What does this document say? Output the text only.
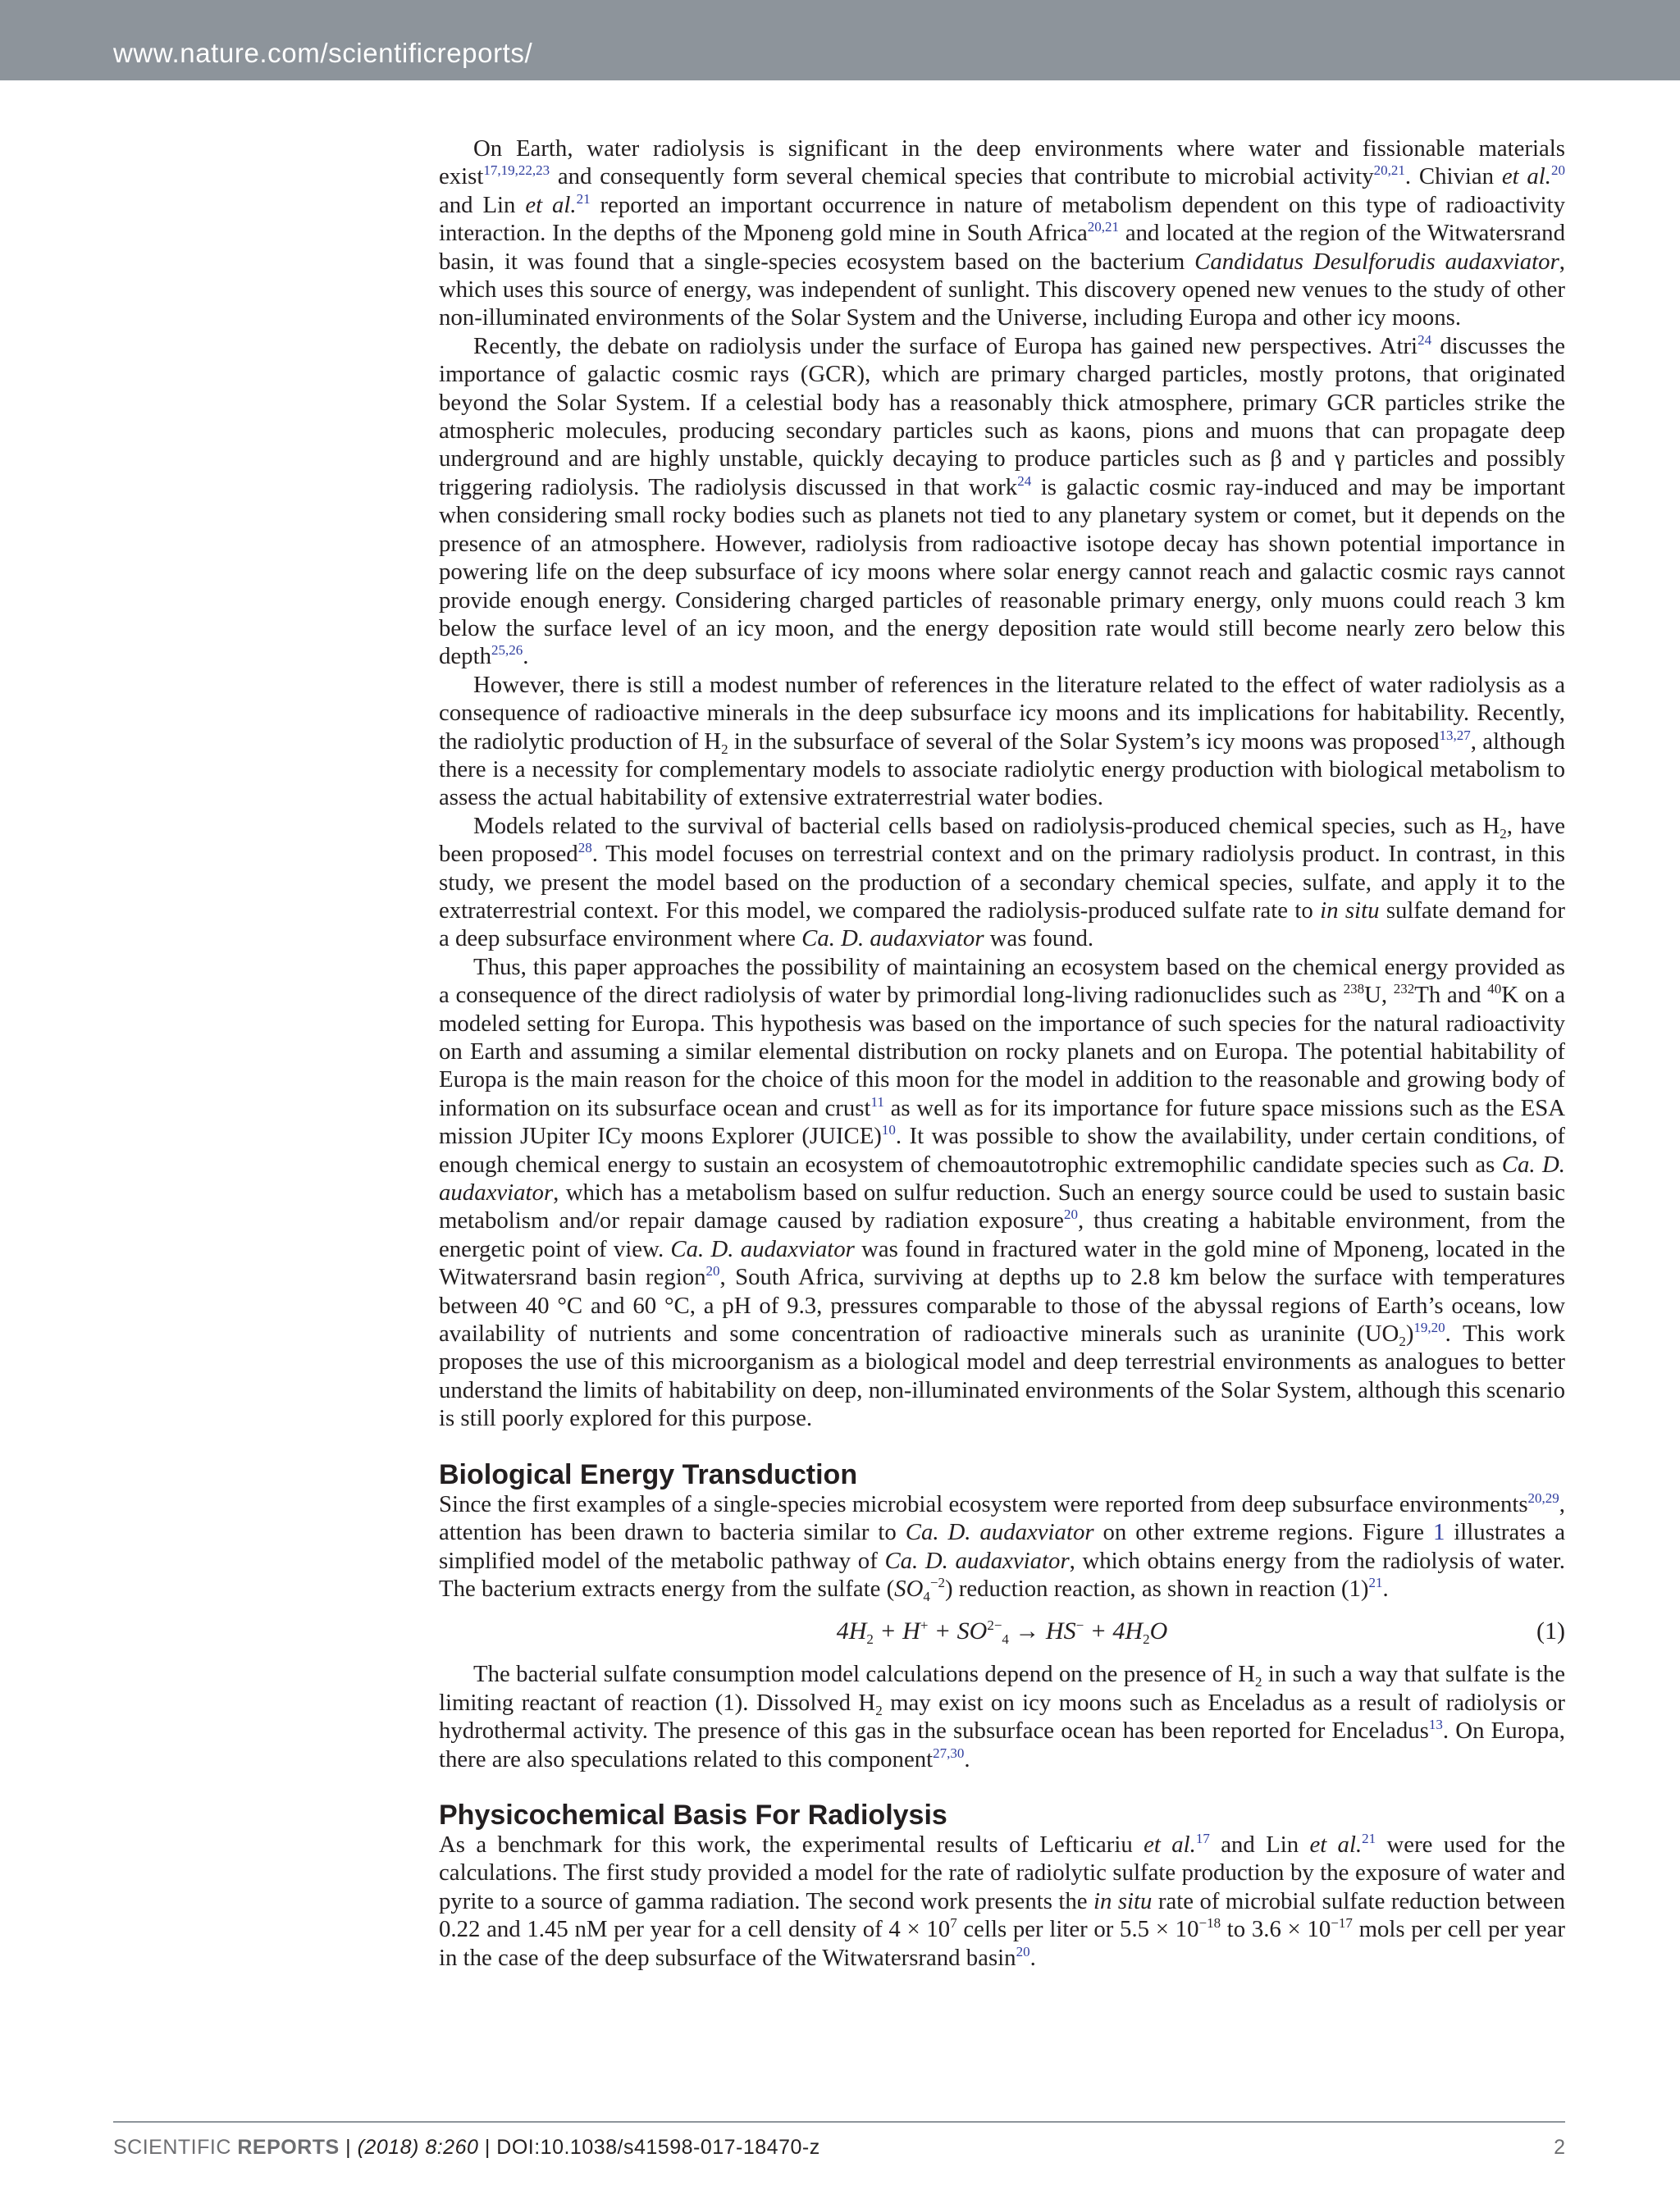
www.nature.com/scientificreports/

On Earth, water radiolysis is significant in the deep environments where water and fissionable materials exist$^{17,19,22,23}$ and consequently form several chemical species that contribute to microbial activity$^{20,21}$. Chivian et al.$^{20}$ and Lin et al.$^{21}$ reported an important occurrence in nature of metabolism dependent on this type of radioactivity interaction. In the depths of the Mponeng gold mine in South Africa$^{20,21}$ and located at the region of the Witwatersrand basin, it was found that a single-species ecosystem based on the bacterium Candidatus Desulforudis audaxviator, which uses this source of energy, was independent of sunlight. This discovery opened new venues to the study of other non-illuminated environments of the Solar System and the Universe, including Europa and other icy moons.

Recently, the debate on radiolysis under the surface of Europa has gained new perspectives. Atri$^{24}$ discusses the importance of galactic cosmic rays (GCR), which are primary charged particles, mostly protons, that originated beyond the Solar System. If a celestial body has a reasonably thick atmosphere, primary GCR particles strike the atmospheric molecules, producing secondary particles such as kaons, pions and muons that can propagate deep underground and are highly unstable, quickly decaying to produce particles such as β and γ particles and possibly triggering radiolysis. The radiolysis discussed in that work$^{24}$ is galactic cosmic ray-induced and may be important when considering small rocky bodies such as planets not tied to any planetary system or comet, but it depends on the presence of an atmosphere. However, radiolysis from radioactive isotope decay has shown potential importance in powering life on the deep subsurface of icy moons where solar energy cannot reach and galactic cosmic rays cannot provide enough energy. Considering charged particles of reasonable primary energy, only muons could reach 3 km below the surface level of an icy moon, and the energy deposition rate would still become nearly zero below this depth$^{25,26}$.

However, there is still a modest number of references in the literature related to the effect of water radiolysis as a consequence of radioactive minerals in the deep subsurface icy moons and its implications for habitability. Recently, the radiolytic production of $H_2$ in the subsurface of several of the Solar System’s icy moons was proposed$^{13,27}$, although there is a necessity for complementary models to associate radiolytic energy production with biological metabolism to assess the actual habitability of extensive extraterrestrial water bodies.

Models related to the survival of bacterial cells based on radiolysis-produced chemical species, such as $H_2$, have been proposed$^{28}$. This model focuses on terrestrial context and on the primary radiolysis product. In contrast, in this study, we present the model based on the production of a secondary chemical species, sulfate, and apply it to the extraterrestrial context. For this model, we compared the radiolysis-produced sulfate rate to in situ sulfate demand for a deep subsurface environment where Ca. D. audaxviator was found.

Thus, this paper approaches the possibility of maintaining an ecosystem based on the chemical energy provided as a consequence of the direct radiolysis of water by primordial long-living radionuclides such as $^{238}$U, $^{232}$Th and $^{40}$K on a modeled setting for Europa. This hypothesis was based on the importance of such species for the natural radioactivity on Earth and assuming a similar elemental distribution on rocky planets and on Europa. The potential habitability of Europa is the main reason for the choice of this moon for the model in addition to the reasonable and growing body of information on its subsurface ocean and crust$^{11}$ as well as for its importance for future space missions such as the ESA mission JUpiter ICy moons Explorer (JUICE)$^{10}$. It was possible to show the availability, under certain conditions, of enough chemical energy to sustain an ecosystem of chemoautotrophic extremophilic candidate species such as Ca. D. audaxviator, which has a metabolism based on sulfur reduction. Such an energy source could be used to sustain basic metabolism and/or repair damage caused by radiation exposure$^{20}$, thus creating a habitable environment, from the energetic point of view. Ca. D. audaxviator was found in fractured water in the gold mine of Mponeng, located in the Witwatersrand basin region$^{20}$, South Africa, surviving at depths up to 2.8 km below the surface with temperatures between 40 °C and 60 °C, a pH of 9.3, pressures comparable to those of the abyssal regions of Earth’s oceans, low availability of nutrients and some concentration of radioactive minerals such as uraninite $(UO_2)^{19,20}$. This work proposes the use of this microorganism as a biological model and deep terrestrial environments as analogues to better understand the limits of habitability on deep, non-illuminated environments of the Solar System, although this scenario is still poorly explored for this purpose.

Biological Energy Transduction

Since the first examples of a single-species microbial ecosystem were reported from deep subsurface environments$^{20,29}$, attention has been drawn to bacteria similar to Ca. D. audaxviator on other extreme regions. Figure 1 illustrates a simplified model of the metabolic pathway of Ca. D. audaxviator, which obtains energy from the radiolysis of water. The bacterium extracts energy from the sulfate $(SO_4^{-2})$ reduction reaction, as shown in reaction (1)$^{21}$.

$4H_2 + H^+ + SO^{2-}_4 \to HS^- + 4H_2O$	(1)

The bacterial sulfate consumption model calculations depend on the presence of $H_2$ in such a way that sulfate is the limiting reactant of reaction (1). Dissolved $H_2$ may exist on icy moons such as Enceladus as a result of radiolysis or hydrothermal activity. The presence of this gas in the subsurface ocean has been reported for Enceladus$^{13}$. On Europa, there are also speculations related to this component$^{27,30}$.

Physicochemical Basis For Radiolysis

As a benchmark for this work, the experimental results of Lefticariu et al.$^{17}$ and Lin et al.$^{21}$ were used for the calculations. The first study provided a model for the rate of radiolytic sulfate production by the exposure of water and pyrite to a source of gamma radiation. The second work presents the in situ rate of microbial sulfate reduction between 0.22 and 1.45 nM per year for a cell density of $4 \times 10^7$ cells per liter or $5.5 \times 10^{-18}$ to $3.6 \times 10^{-17}$ mols per cell per year in the case of the deep subsurface of the Witwatersrand basin$^{20}$.

SCIENTIFIC REPORTS | (2018) 8:260 | DOI:10.1038/s41598-017-18470-z	2
